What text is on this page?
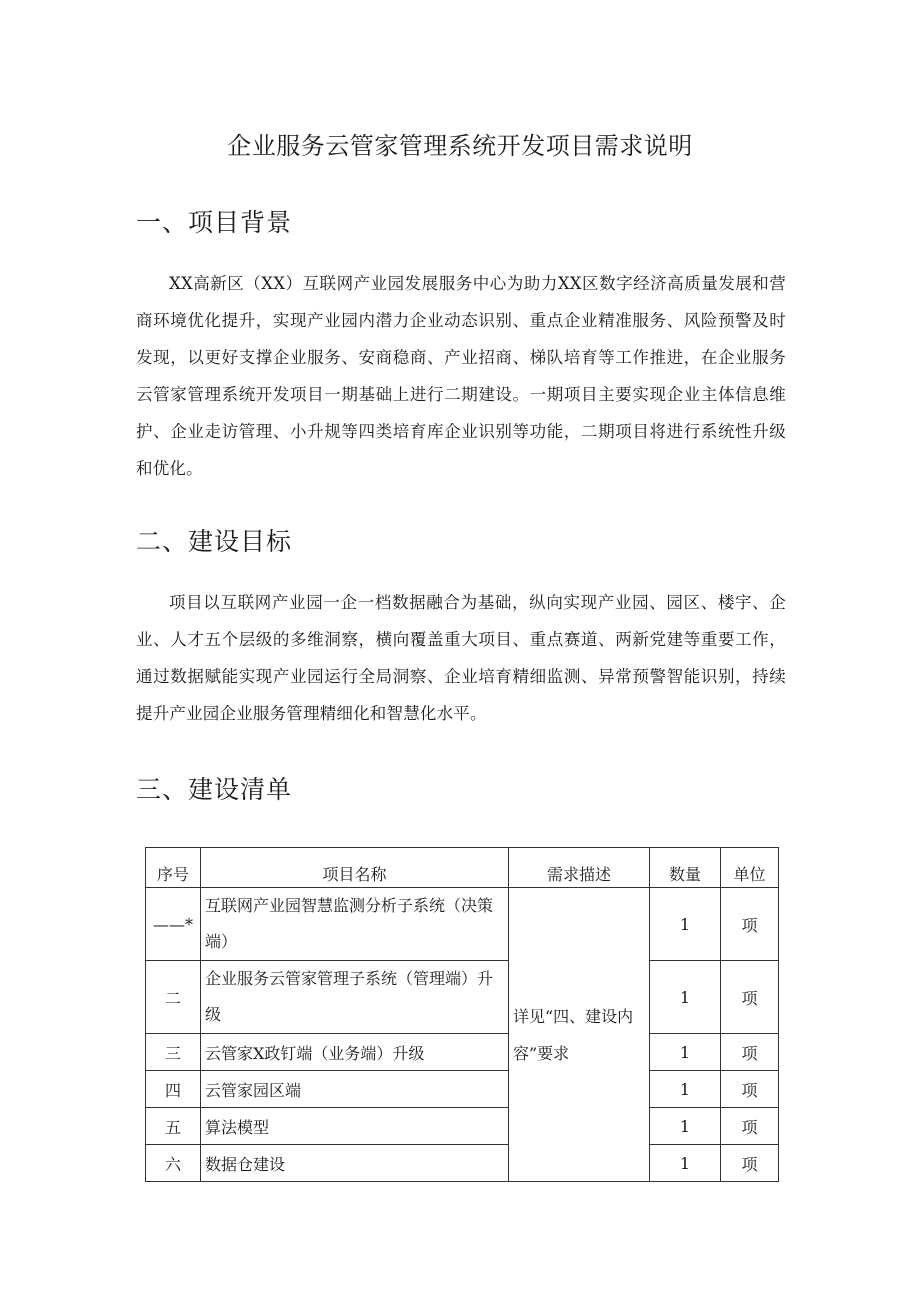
企业服务云管家管理系统开发项目需求说明
一、项目背景
XX高新区（XX）互联网产业园发展服务中心为助力XX区数字经济高质量发展和营商环境优化提升，实现产业园内潜力企业动态识别、重点企业精准服务、风险预警及时发现，以更好支撑企业服务、安商稳商、产业招商、梯队培育等工作推进，在企业服务云管家管理系统开发项目一期基础上进行二期建设。一期项目主要实现企业主体信息维护、企业走访管理、小升规等四类培育库企业识别等功能，二期项目将进行系统性升级和优化。
二、建设目标
项目以互联网产业园一企一档数据融合为基础，纵向实现产业园、园区、楼宇、企业、人才五个层级的多维洞察，横向覆盖重大项目、重点赛道、两新党建等重要工作，通过数据赋能实现产业园运行全局洞察、企业培育精细监测、异常预警智能识别，持续提升产业园企业服务管理精细化和智慧化水平。
三、建设清单
序号	项目名称	需求描述	数量	单位
——*	互联网产业园智慧监测分析子系统（决策端）	详见“四、建设内容”要求	1	项
二	企业服务云管家管理子系统（管理端）升级		1	项
三	云管家X政钉端（业务端）升级		1	项
四	云管家园区端		1	项
五	算法模型		1	项
六	数据仓建设		1	项
